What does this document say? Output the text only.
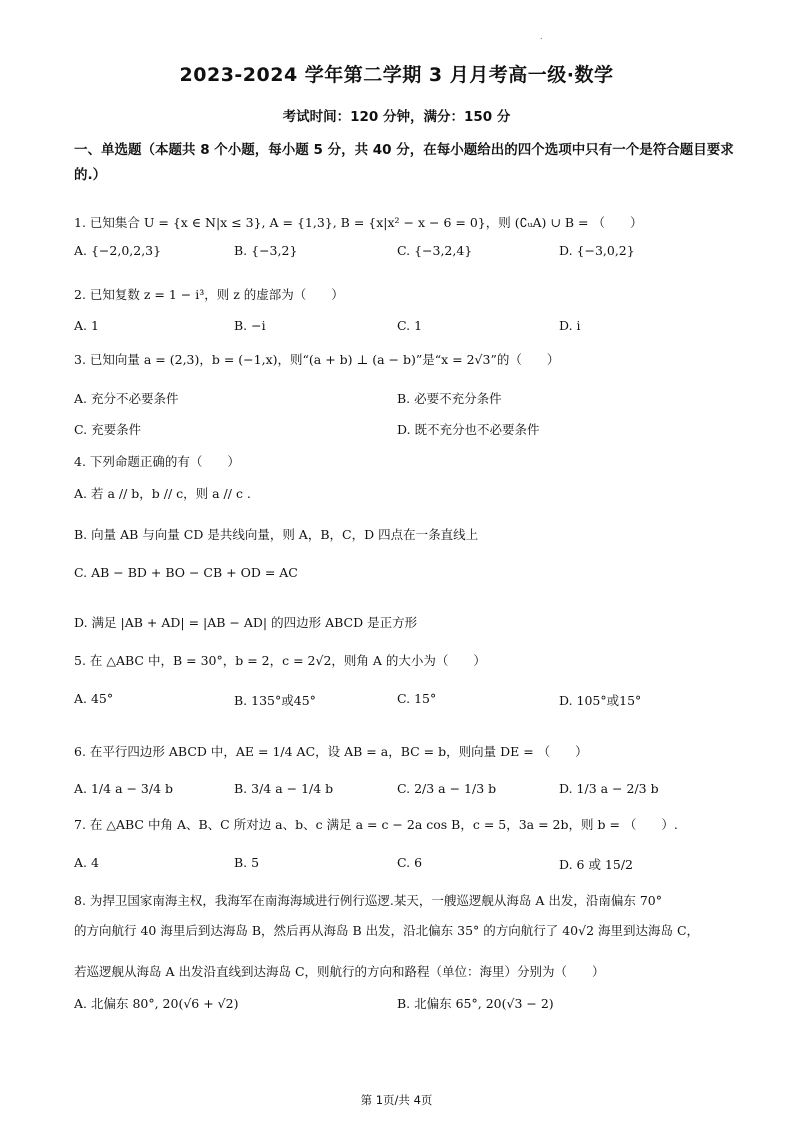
.
2023-2024 学年第二学期 3 月月考高一级·数学
考试时间：120 分钟，满分：150 分
一、单选题（本题共 8 个小题，每小题 5 分，共 40 分，在每小题给出的四个选项中只有一个是符合题目要求的.）
1. 已知集合 U = {x ∈ N|x ≤ 3}, A = {1,3}, B = {x|x² − x − 6 = 0}，则 (∁ᵤA) ∪ B = （　　）
A. {−2,0,2,3}	B. {−3,2}	C. {−3,2,4}	D. {−3,0,2}
2. 已知复数 z = 1 − i³，则 z 的虚部为（　　）
A. 1	B. −i	C. 1	D. i
3. 已知向量 a = (2,3)，b = (−1,x)，则“(a + b) ⊥ (a − b)”是“x = 2√3”的（　　）
A. 充分不必要条件	B. 必要不充分条件
C. 充要条件	D. 既不充分也不必要条件
4. 下列命题正确的有（　　）
A. 若 a // b，b // c，则 a // c .
B. 向量 AB 与向量 CD 是共线向量，则 A，B，C，D 四点在一条直线上
C. AB − BD + BO − CB + OD = AC
D. 满足 |AB + AD| = |AB − AD| 的四边形 ABCD 是正方形
5. 在 △ABC 中，B = 30°，b = 2，c = 2√2，则角 A 的大小为（　　）
A. 45°	B. 135°或45°	C. 15°	D. 105°或15°
6. 在平行四边形 ABCD 中，AE = 1/4 AC，设 AB = a，BC = b，则向量 DE = （　　）
A. 1/4 a − 3/4 b	B. 3/4 a − 1/4 b	C. 2/3 a − 1/3 b	D. 1/3 a − 2/3 b
7. 在 △ABC 中角 A、B、C 所对边 a、b、c 满足 a = c − 2a cos B，c = 5，3a = 2b，则 b = （　　）.
A. 4	B. 5	C. 6	D. 6 或 15/2
8. 为捍卫国家南海主权，我海军在南海海域进行例行巡逻.某天，一艘巡逻舰从海岛 A 出发，沿南偏东 70°
的方向航行 40 海里后到达海岛 B，然后再从海岛 B 出发，沿北偏东 35° 的方向航行了 40√2 海里到达海岛 C，
若巡逻舰从海岛 A 出发沿直线到达海岛 C，则航行的方向和路程（单位：海里）分别为（　　）
A. 北偏东 80°, 20(√6 + √2)	B. 北偏东 65°, 20(√3 − 2)
第 1页/共 4页
